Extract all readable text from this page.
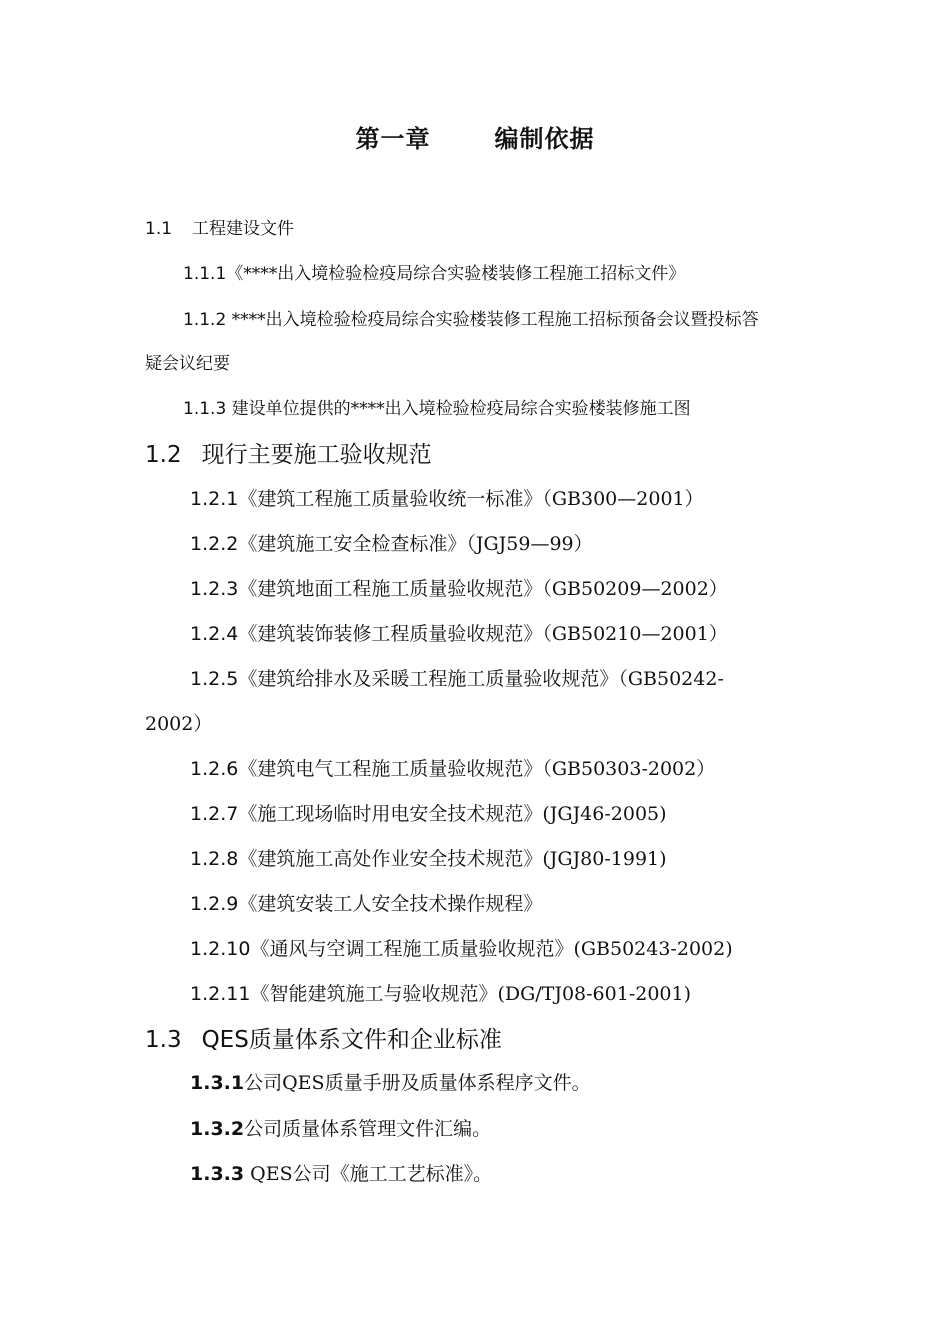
第一章	编制依据
1.1 工程建设文件
1.1.1《****出入境检验检疫局综合实验楼装修工程施工招标文件》
1.1.2 ****出入境检验检疫局综合实验楼装修工程施工招标预备会议暨投标答
疑会议纪要
1.1.3 建设单位提供的****出入境检验检疫局综合实验楼装修施工图
1.2 现行主要施工验收规范
1.2.1《建筑工程施工质量验收统一标准》（GB300—2001）
1.2.2《建筑施工安全检查标准》（JGJ59—99）
1.2.3《建筑地面工程施工质量验收规范》（GB50209—2002）
1.2.4《建筑装饰装修工程质量验收规范》（GB50210—2001）
1.2.5《建筑给排水及采暖工程施工质量验收规范》（GB50242-
2002）
1.2.6《建筑电气工程施工质量验收规范》（GB50303-2002）
1.2.7《施工现场临时用电安全技术规范》(JGJ46-2005)
1.2.8《建筑施工高处作业安全技术规范》(JGJ80-1991)
1.2.9《建筑安装工人安全技术操作规程》
1.2.10《通风与空调工程施工质量验收规范》(GB50243-2002)
1.2.11《智能建筑施工与验收规范》(DG/TJ08-601-2001)
1.3 QES质量体系文件和企业标准
1.3.1公司QES质量手册及质量体系程序文件。
1.3.2公司质量体系管理文件汇编。
1.3.3 QES公司《施工工艺标准》。
